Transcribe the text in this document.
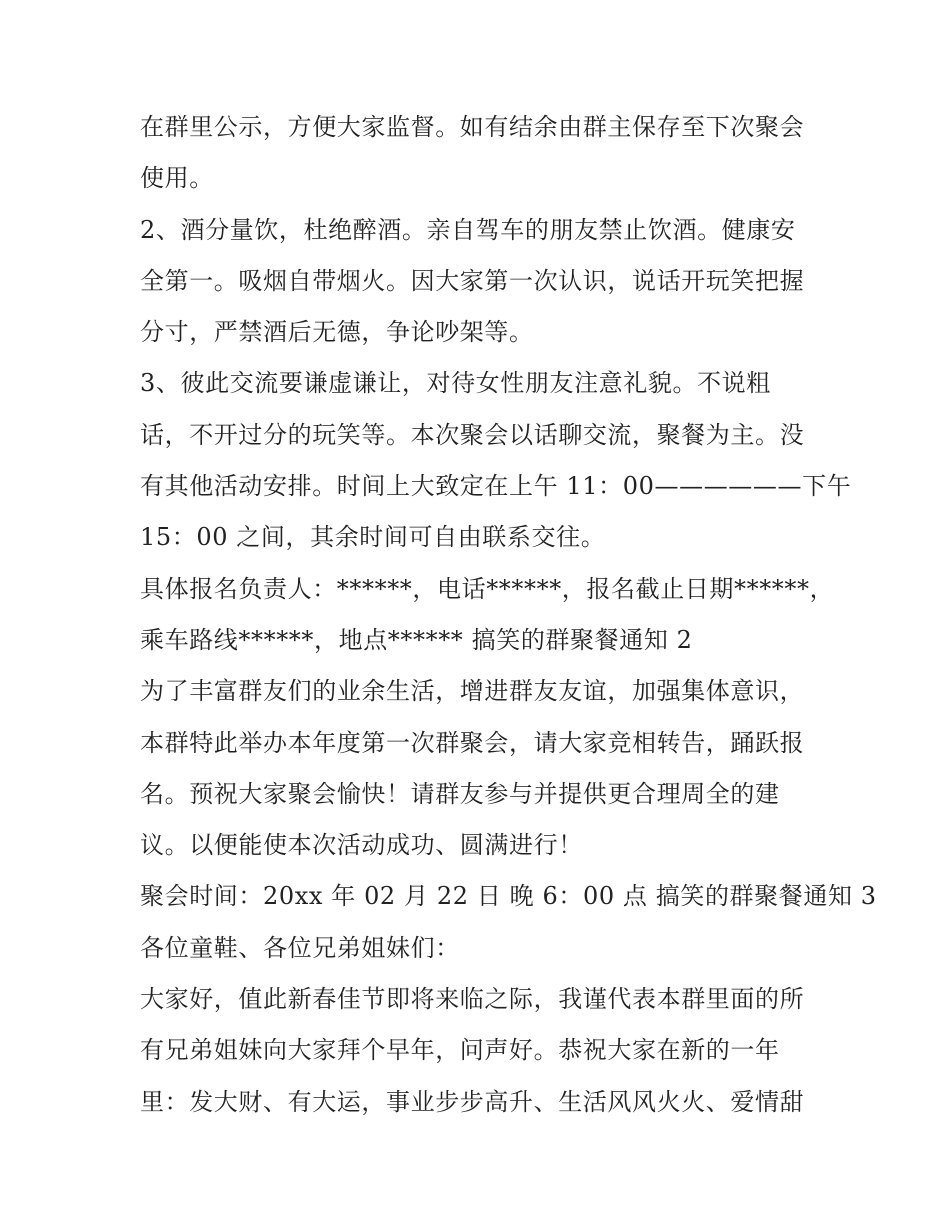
在群里公示，方便大家监督。如有结余由群主保存至下次聚会
使用。
2、酒分量饮，杜绝醉酒。亲自驾车的朋友禁止饮酒。健康安
全第一。吸烟自带烟火。因大家第一次认识，说话开玩笑把握
分寸，严禁酒后无德，争论吵架等。
3、彼此交流要谦虚谦让，对待女性朋友注意礼貌。不说粗
话，不开过分的玩笑等。本次聚会以话聊交流，聚餐为主。没
有其他活动安排。时间上大致定在上午 11：00——————下午
15：00 之间，其余时间可自由联系交往。
具体报名负责人：******，电话******，报名截止日期******，
乘车路线******，地点****** 搞笑的群聚餐通知 2
为了丰富群友们的业余生活，增进群友友谊，加强集体意识，
本群特此举办本年度第一次群聚会，请大家竞相转告，踊跃报
名。预祝大家聚会愉快！请群友参与并提供更合理周全的建
议。以便能使本次活动成功、圆满进行！
聚会时间：20xx 年 02 月 22 日 晚 6：00 点 搞笑的群聚餐通知 3
各位童鞋、各位兄弟姐妹们：
大家好，值此新春佳节即将来临之际，我谨代表本群里面的所
有兄弟姐妹向大家拜个早年，问声好。恭祝大家在新的一年
里：发大财、有大运，事业步步高升、生活风风火火、爱情甜
